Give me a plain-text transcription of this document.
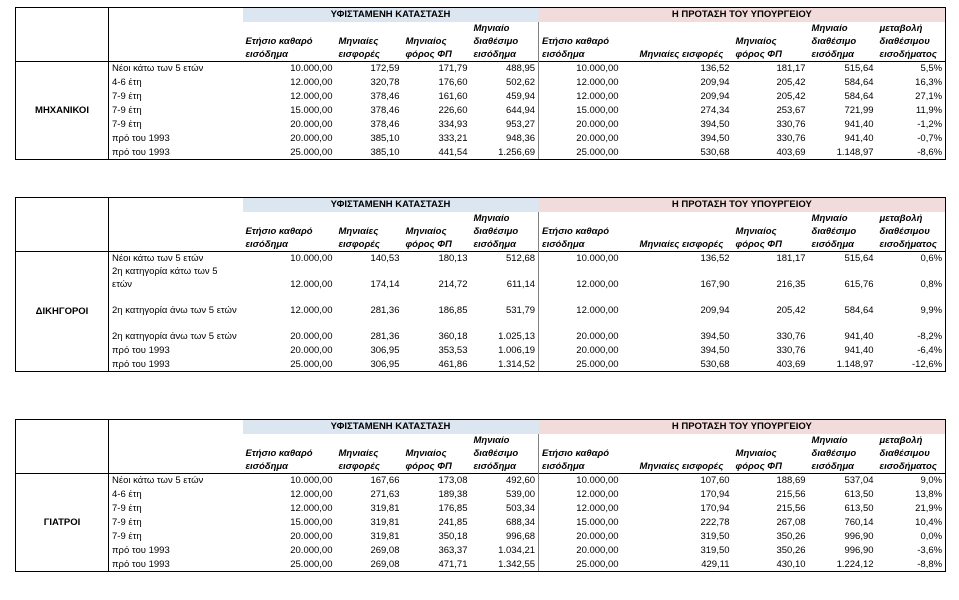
		ΥΦΙΣΤΑΜΕΝΗ ΚΑΤΑΣΤΑΣΗ				Η ΠΡΟΤΑΣΗ ΤΟΥ ΥΠΟΥΡΓΕΙΟΥ				
		Ετήσιο καθαρό εισόδημα	Μηνιαίες εισφορές	Μηνιαίος φόρος ΦΠ	Μηνιαίο διαθέσιμο εισόδημα	Ετήσιο καθαρό εισόδημα	Μηνιαίες εισφορές	Μηνιαίος φόρος ΦΠ	Μηνιαίο διαθέσιμο εισόδημα	μεταβολή διαθέσιμου εισοδήματος
ΜΗΧΑΝΙΚΟΙ	Νέοι κάτω των 5 ετών	10.000,00	172,59	171,79	488,95	10.000,00	136,52	181,17	515,64	5,5%
	4-6 έτη	12.000,00	320,78	176,60	502,62	12.000,00	209,94	205,42	584,64	16,3%
	7-9 έτη	12.000,00	378,46	161,60	459,94	12.000,00	209,94	205,42	584,64	27,1%
	7-9 έτη	15.000,00	378,46	226,60	644,94	15.000,00	274,34	253,67	721,99	11,9%
	7-9 έτη	20.000,00	378,46	334,93	953,27	20.000,00	394,50	330,76	941,40	-1,2%
	πρό του 1993	20.000,00	385,10	333,21	948,36	20.000,00	394,50	330,76	941,40	-0,7%
	πρό του 1993	25.000,00	385,10	441,54	1.256,69	25.000,00	530,68	403,69	1.148,97	-8,6%
		ΥΦΙΣΤΑΜΕΝΗ ΚΑΤΑΣΤΑΣΗ				Η ΠΡΟΤΑΣΗ ΤΟΥ ΥΠΟΥΡΓΕΙΟΥ				
		Ετήσιο καθαρό εισόδημα	Μηνιαίες εισφορές	Μηνιαίος φόρος ΦΠ	Μηνιαίο διαθέσιμο εισόδημα	Ετήσιο καθαρό εισόδημα	Μηνιαίες εισφορές	Μηνιαίος φόρος ΦΠ	Μηνιαίο διαθέσιμο εισόδημα	μεταβολή διαθέσιμου εισοδήματος
ΔΙΚΗΓΟΡΟΙ	Νέοι κάτω των 5 ετών	10.000,00	140,53	180,13	512,68	10.000,00	136,52	181,17	515,64	0,6%
	2η κατηγορία κάτω των 5 ετών	12.000,00	174,14	214,72	611,14	12.000,00	167,90	216,35	615,76	0,8%
	2η κατηγορία άνω των 5 ετών	12.000,00	281,36	186,85	531,79	12.000,00	209,94	205,42	584,64	9,9%
	2η κατηγορία άνω των 5 ετών	20.000,00	281,36	360,18	1.025,13	20.000,00	394,50	330,76	941,40	-8,2%
	πρό του 1993	20.000,00	306,95	353,53	1.006,19	20.000,00	394,50	330,76	941,40	-6,4%
	πρό του 1993	25.000,00	306,95	461,86	1.314,52	25.000,00	530,68	403,69	1.148,97	-12,6%
		ΥΦΙΣΤΑΜΕΝΗ ΚΑΤΑΣΤΑΣΗ				Η ΠΡΟΤΑΣΗ ΤΟΥ ΥΠΟΥΡΓΕΙΟΥ				
		Ετήσιο καθαρό εισόδημα	Μηνιαίες εισφορές	Μηνιαίος φόρος ΦΠ	Μηνιαίο διαθέσιμο εισόδημα	Ετήσιο καθαρό εισόδημα	Μηνιαίες εισφορές	Μηνιαίος φόρος ΦΠ	Μηνιαίο διαθέσιμο εισόδημα	μεταβολή διαθέσιμου εισοδήματος
ΓΙΑΤΡΟΙ	Νέοι κάτω των 5 ετών	10.000,00	167,66	173,08	492,60	10.000,00	107,60	188,69	537,04	9,0%
	4-6 έτη	12.000,00	271,63	189,38	539,00	12.000,00	170,94	215,56	613,50	13,8%
	7-9 έτη	12.000,00	319,81	176,85	503,34	12.000,00	170,94	215,56	613,50	21,9%
	7-9 έτη	15.000,00	319,81	241,85	688,34	15.000,00	222,78	267,08	760,14	10,4%
	7-9 έτη	20.000,00	319,81	350,18	996,68	20.000,00	319,50	350,26	996,90	0,0%
	πρό του 1993	20.000,00	269,08	363,37	1.034,21	20.000,00	319,50	350,26	996,90	-3,6%
	πρό του 1993	25.000,00	269,08	471,71	1.342,55	25.000,00	429,11	430,10	1.224,12	-8,8%
